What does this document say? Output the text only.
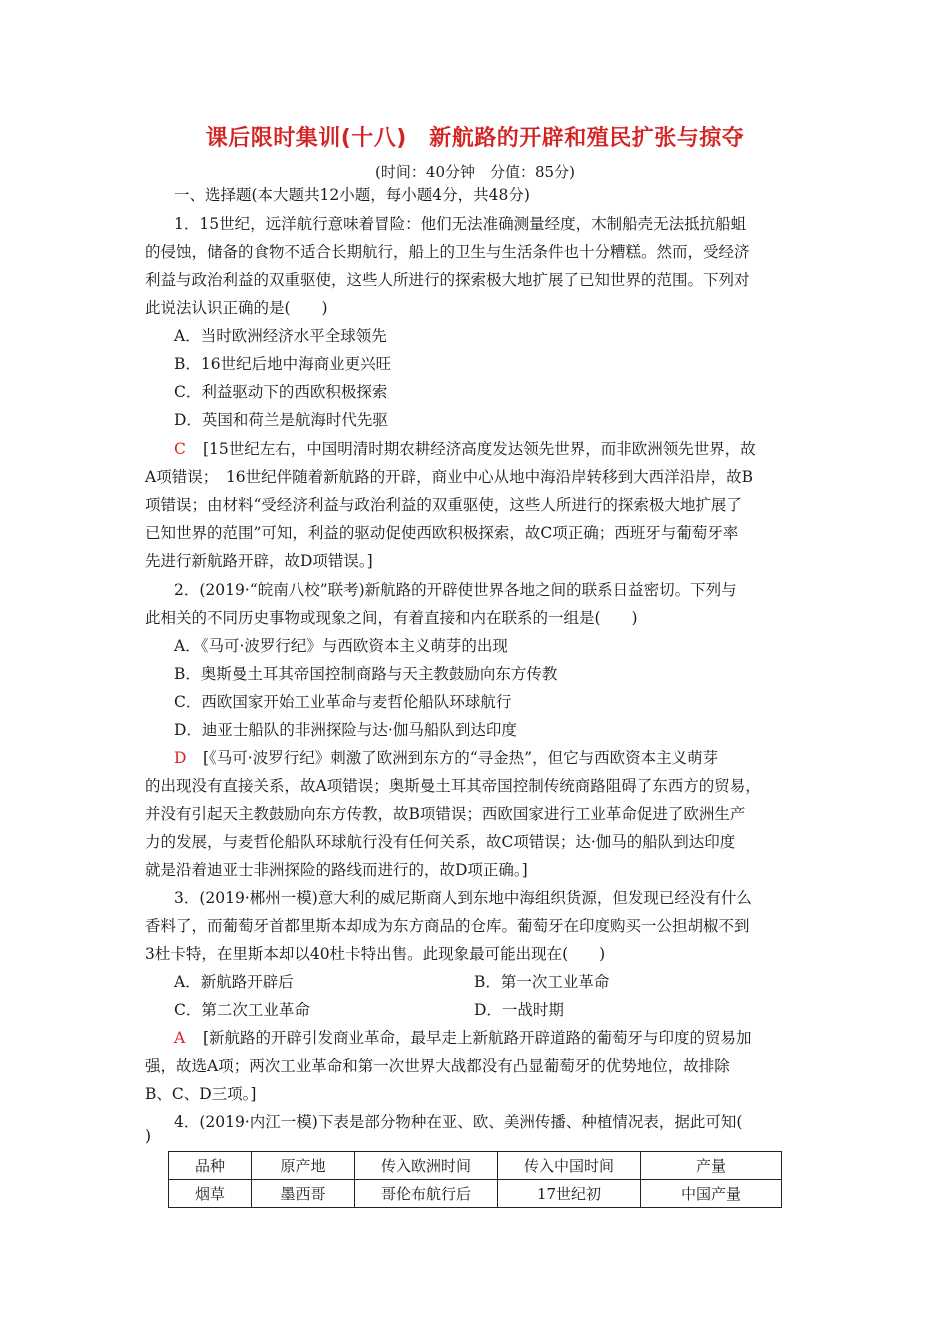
课后限时集训(十八)　新航路的开辟和殖民扩张与掠夺
(时间：40分钟　分值：85分)
一、选择题(本大题共12小题，每小题4分，共48分)
1．15世纪，远洋航行意味着冒险：他们无法准确测量经度，木制船壳无法抵抗船蛆
的侵蚀，储备的食物不适合长期航行，船上的卫生与生活条件也十分糟糕。然而，受经济
利益与政治利益的双重驱使，这些人所进行的探索极大地扩展了已知世界的范围。下列对
此说法认识正确的是(　　)
A．当时欧洲经济水平全球领先
B．16世纪后地中海商业更兴旺
C．利益驱动下的西欧积极探索
D．英国和荷兰是航海时代先驱
C [15世纪左右，中国明清时期农耕经济高度发达领先世界，而非欧洲领先世界，故
A项错误；　16世纪伴随着新航路的开辟，商业中心从地中海沿岸转移到大西洋沿岸，故B
项错误；由材料“受经济利益与政治利益的双重驱使，这些人所进行的探索极大地扩展了
已知世界的范围”可知，利益的驱动促使西欧积极探索，故C项正确；西班牙与葡萄牙率
先进行新航路开辟，故D项错误。]
2．(2019·“皖南八校”联考)新航路的开辟使世界各地之间的联系日益密切。下列与
此相关的不同历史事物或现象之间，有着直接和内在联系的一组是(　　)
A．《马可·波罗行纪》与西欧资本主义萌芽的出现
B．奥斯曼土耳其帝国控制商路与天主教鼓励向东方传教
C．西欧国家开始工业革命与麦哲伦船队环球航行
D．迪亚士船队的非洲探险与达·伽马船队到达印度
D [《马可·波罗行纪》刺激了欧洲到东方的“寻金热”，但它与西欧资本主义萌芽
的出现没有直接关系，故A项错误；奥斯曼土耳其帝国控制传统商路阻碍了东西方的贸易，
并没有引起天主教鼓励向东方传教，故B项错误；西欧国家进行工业革命促进了欧洲生产
力的发展，与麦哲伦船队环球航行没有任何关系，故C项错误；达·伽马的船队到达印度
就是沿着迪亚士非洲探险的路线而进行的，故D项正确。]
3．(2019·郴州一模)意大利的威尼斯商人到东地中海组织货源，但发现已经没有什么
香料了，而葡萄牙首都里斯本却成为东方商品的仓库。葡萄牙在印度购买一公担胡椒不到
3杜卡特，在里斯本却以40杜卡特出售。此现象最可能出现在(　　)
A．新航路开辟后	B．第一次工业革命
C．第二次工业革命	D．一战时期
A [新航路的开辟引发商业革命，最早走上新航路开辟道路的葡萄牙与印度的贸易加
强，故选A项；两次工业革命和第一次世界大战都没有凸显葡萄牙的优势地位，故排除
B、C、D三项。]
4．(2019·内江一模)下表是部分物种在亚、欧、美洲传播、种植情况表，据此可知(
)
品种	原产地	传入欧洲时间	传入中国时间	产量
烟草	墨西哥	哥伦布航行后	17世纪初	中国产量
